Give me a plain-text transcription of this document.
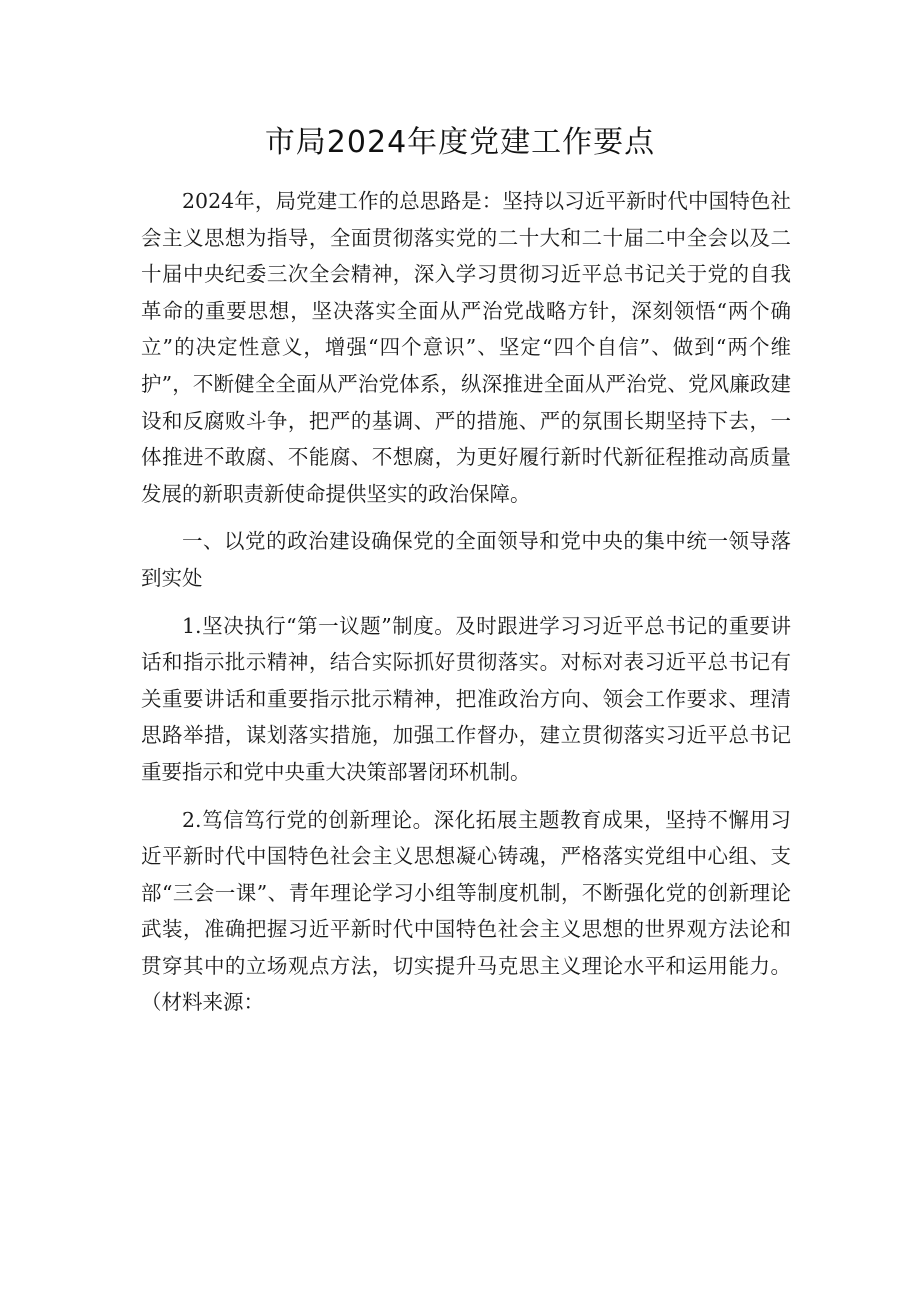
市局2024年度党建工作要点

2024年，局党建工作的总思路是：坚持以习近平新时代中国特色社会主义思想为指导，全面贯彻落实党的二十大和二十届二中全会以及二十届中央纪委三次全会精神，深入学习贯彻习近平总书记关于党的自我革命的重要思想，坚决落实全面从严治党战略方针，深刻领悟“两个确立”的决定性意义，增强“四个意识”、坚定“四个自信”、做到“两个维护”，不断健全全面从严治党体系，纵深推进全面从严治党、党风廉政建设和反腐败斗争，把严的基调、严的措施、严的氛围长期坚持下去，一体推进不敢腐、不能腐、不想腐，为更好履行新时代新征程推动高质量发展的新职责新使命提供坚实的政治保障。

一、以党的政治建设确保党的全面领导和党中央的集中统一领导落到实处

1.坚决执行“第一议题”制度。及时跟进学习习近平总书记的重要讲话和指示批示精神，结合实际抓好贯彻落实。对标对表习近平总书记有关重要讲话和重要指示批示精神，把准政治方向、领会工作要求、理清思路举措，谋划落实措施，加强工作督办，建立贯彻落实习近平总书记重要指示和党中央重大决策部署闭环机制。

2.笃信笃行党的创新理论。深化拓展主题教育成果，坚持不懈用习近平新时代中国特色社会主义思想凝心铸魂，严格落实党组中心组、支部“三会一课”、青年理论学习小组等制度机制，不断强化党的创新理论武装，准确把握习近平新时代中国特色社会主义思想的世界观方法论和贯穿其中的立场观点方法，切实提升马克思主义理论水平和运用能力。（材料来源：
